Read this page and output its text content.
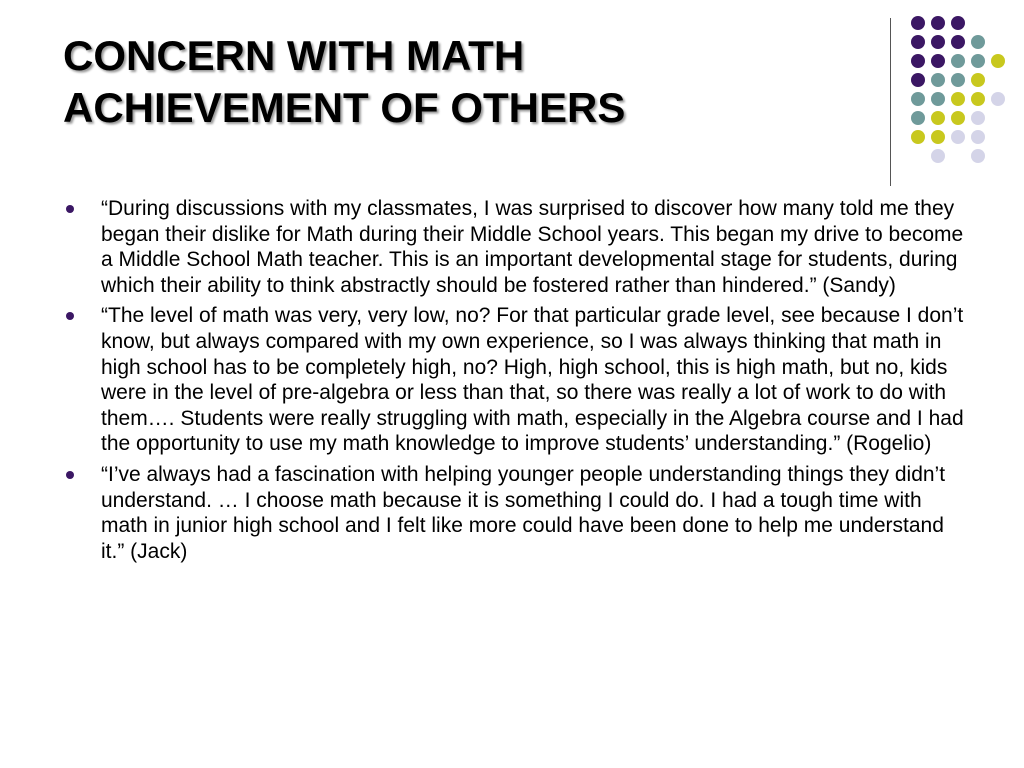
CONCERN WITH MATH
ACHIEVEMENT OF OTHERS
“During discussions with my classmates, I was surprised to discover how many told me they began their dislike for Math during their Middle School years. This began my drive to become a Middle School Math teacher. This is an important developmental stage for students, during which their ability to think abstractly should be fostered rather than hindered.” (Sandy)
“The level of math was very, very low, no? For that particular grade level, see because I don’t know, but always compared with my own experience, so I was always thinking that math in high school has to be completely high, no? High, high school, this is high math, but no, kids were in the level of pre-algebra or less than that, so there was really a lot of work to do with them…. Students were really struggling with math, especially in the Algebra course and I had the opportunity to use my math knowledge to improve students’ understanding.” (Rogelio)
“I’ve always had a fascination with helping younger people understanding things they didn’t understand. … I choose math because it is something I could do. I had a tough time with math in junior high school and I felt like more could have been done to help me understand it.” (Jack)
